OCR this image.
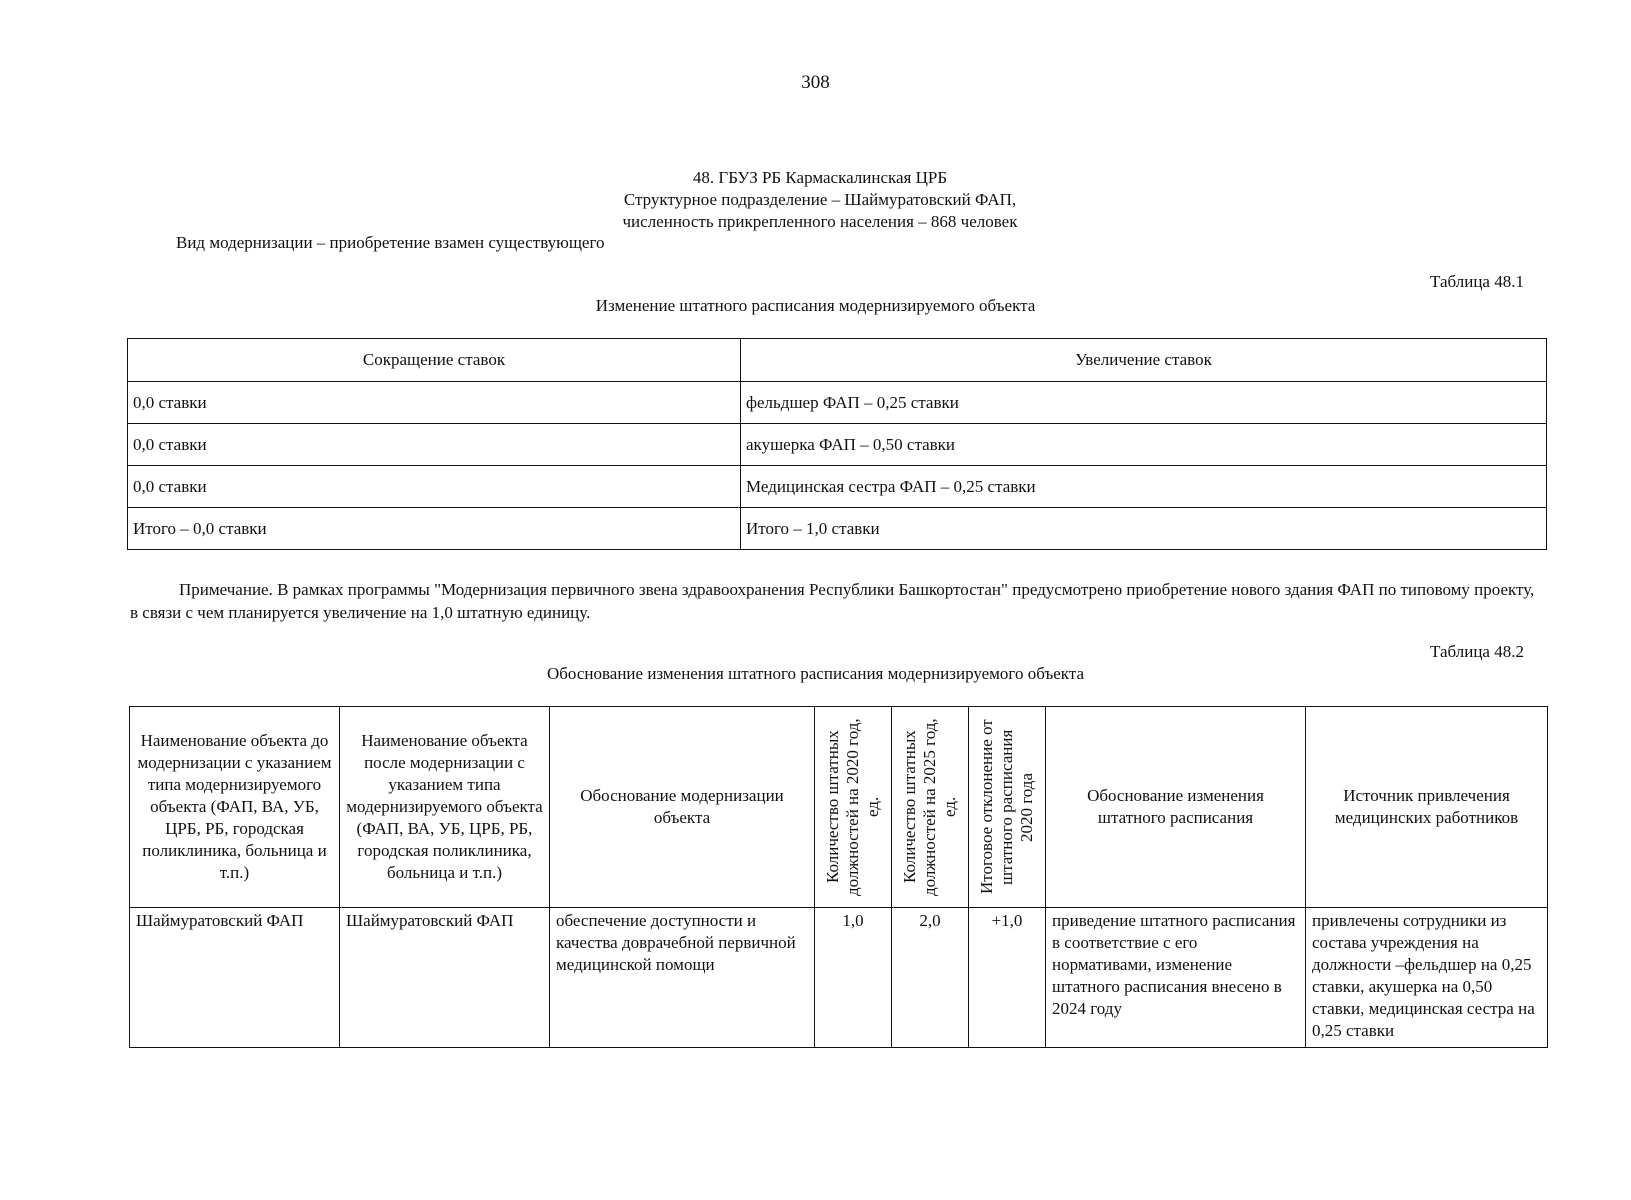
308
48. ГБУЗ РБ Кармаскалинская ЦРБ
Структурное подразделение – Шаймуратовский ФАП,
численность прикрепленного населения – 868 человек
Вид модернизации – приобретение взамен существующего
Таблица 48.1
Изменение штатного расписания модернизируемого объекта
Сокращение ставок	Увеличение ставок
0,0 ставки	фельдшер ФАП – 0,25 ставки
0,0 ставки	акушерка ФАП – 0,50 ставки
0,0 ставки	Медицинская сестра ФАП – 0,25 ставки
Итого – 0,0 ставки	Итого – 1,0 ставки
Примечание. В рамках программы "Модернизация первичного звена здравоохранения Республики Башкортостан" предусмотрено приобретение нового здания ФАП по типовому проекту, в связи с чем планируется увеличение на 1,0 штатную единицу.
Таблица 48.2
Обоснование изменения штатного расписания модернизируемого объекта
Наименование объекта до модернизации с указанием типа модернизируемого объекта (ФАП, ВА, УБ, ЦРБ, РБ, городская поликлиника, больница и т.п.)	Наименование объекта после модернизации с указанием типа модернизируемого объекта (ФАП, ВА, УБ, ЦРБ, РБ, городская поликлиника, больница и т.п.)	Обоснование модернизации объекта	Количество штатных должностей на 2020 год, ед.	Количество штатных должностей на 2025 год, ед.	Итоговое отклонение от штатного расписания 2020 года	Обоснование изменения штатного расписания	Источник привлечения медицинских работников
Шаймуратовский ФАП	Шаймуратовский ФАП	обеспечение доступности и качества доврачебной первичной медицинской помощи	1,0	2,0	+1,0	приведение штатного расписания в соответствие с его нормативами, изменение штатного расписания внесено в 2024 году	привлечены сотрудники из состава учреждения на должности –фельдшер на 0,25 ставки, акушерка на 0,50 ставки, медицинская сестра на 0,25 ставки
